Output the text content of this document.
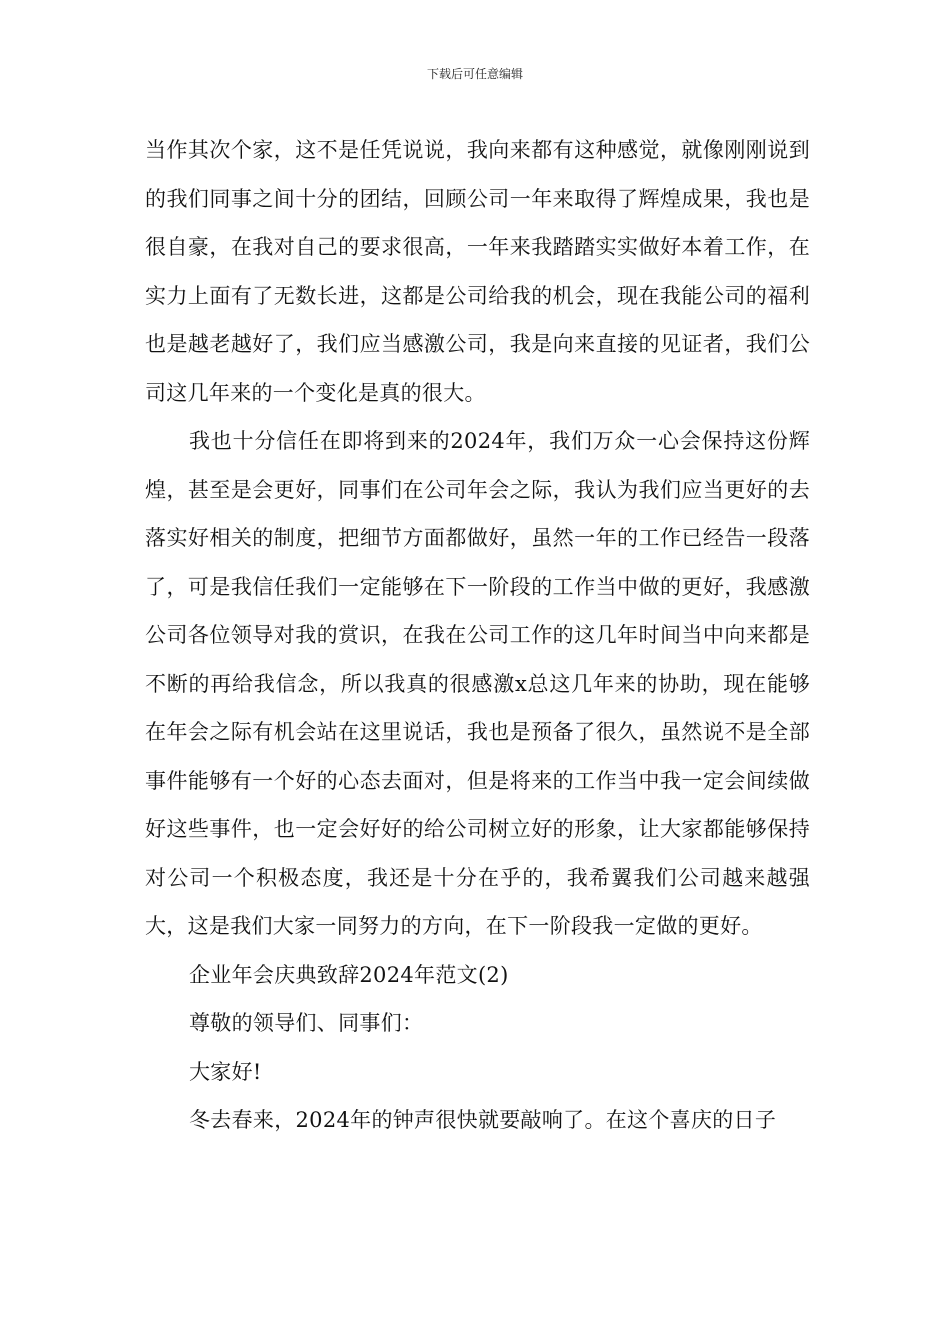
下载后可任意编辑

当作其次个家，这不是任凭说说，我向来都有这种感觉，就像刚刚说到的我们同事之间十分的团结，回顾公司一年来取得了辉煌成果，我也是很自豪，在我对自己的要求很高，一年来我踏踏实实做好本着工作，在实力上面有了无数长进，这都是公司给我的机会，现在我能公司的福利也是越老越好了，我们应当感激公司，我是向来直接的见证者，我们公司这几年来的一个变化是真的很大。

我也十分信任在即将到来的2024年，我们万众一心会保持这份辉煌，甚至是会更好，同事们在公司年会之际，我认为我们应当更好的去落实好相关的制度，把细节方面都做好，虽然一年的工作已经告一段落了，可是我信任我们一定能够在下一阶段的工作当中做的更好，我感激公司各位领导对我的赏识，在我在公司工作的这几年时间当中向来都是不断的再给我信念，所以我真的很感激x总这几年来的协助，现在能够在年会之际有机会站在这里说话，我也是预备了很久，虽然说不是全部事件能够有一个好的心态去面对，但是将来的工作当中我一定会间续做好这些事件，也一定会好好的给公司树立好的形象，让大家都能够保持对公司一个积极态度，我还是十分在乎的，我希翼我们公司越来越强大，这是我们大家一同努力的方向，在下一阶段我一定做的更好。

企业年会庆典致辞2024年范文(2)

尊敬的领导们、同事们：

大家好!

冬去春来，2024年的钟声很快就要敲响了。在这个喜庆的日子
